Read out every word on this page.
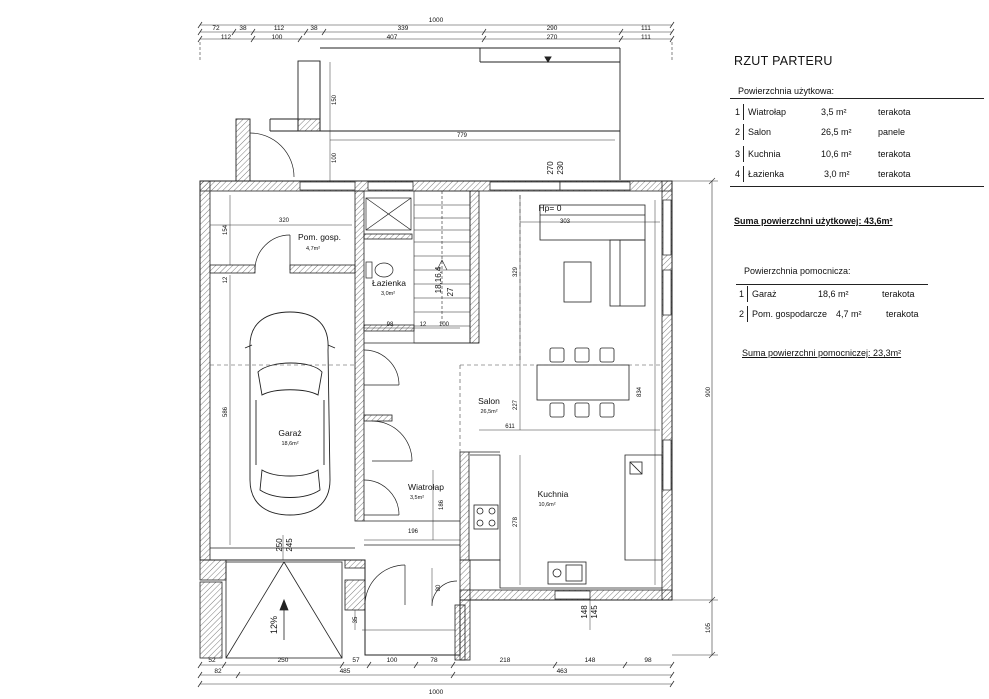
1000
72	38	112	38	339	290	111
112	100	407	270	111
52	250	57	100	78	218	148	98
82	485	463
1000
150
100
779
270 230
320
154
12
303
329
98	12 100
227
834
611
586
186
196
278
250 245
80
35
148 145
900
105
Pom. gosp.
4,7m²
Łazienka
3,0m²
Garaż
18,6m²
Salon
26,5m²
Wiatrołap
3,5m²	Kuchnia
10,6m²
Hp= 0
18,16,4 27
12%
RZUT PARTERU
Powierzchnia użytkowa:
1 Wiatrołap	3,5 m²	terakota
2 Salon	26,5 m²	panele
3 Kuchnia	10,6 m²	terakota
4 Łazienka	3,0 m²	terakota
Suma powierzchni użytkowej: 43,6m²
Powierzchnia pomocnicza:
1 Garaż	18,6 m²	terakota
2 Pom. gospodarcze 4,7 m²	terakota
Suma powierzchni pomocniczej: 23,3m²
